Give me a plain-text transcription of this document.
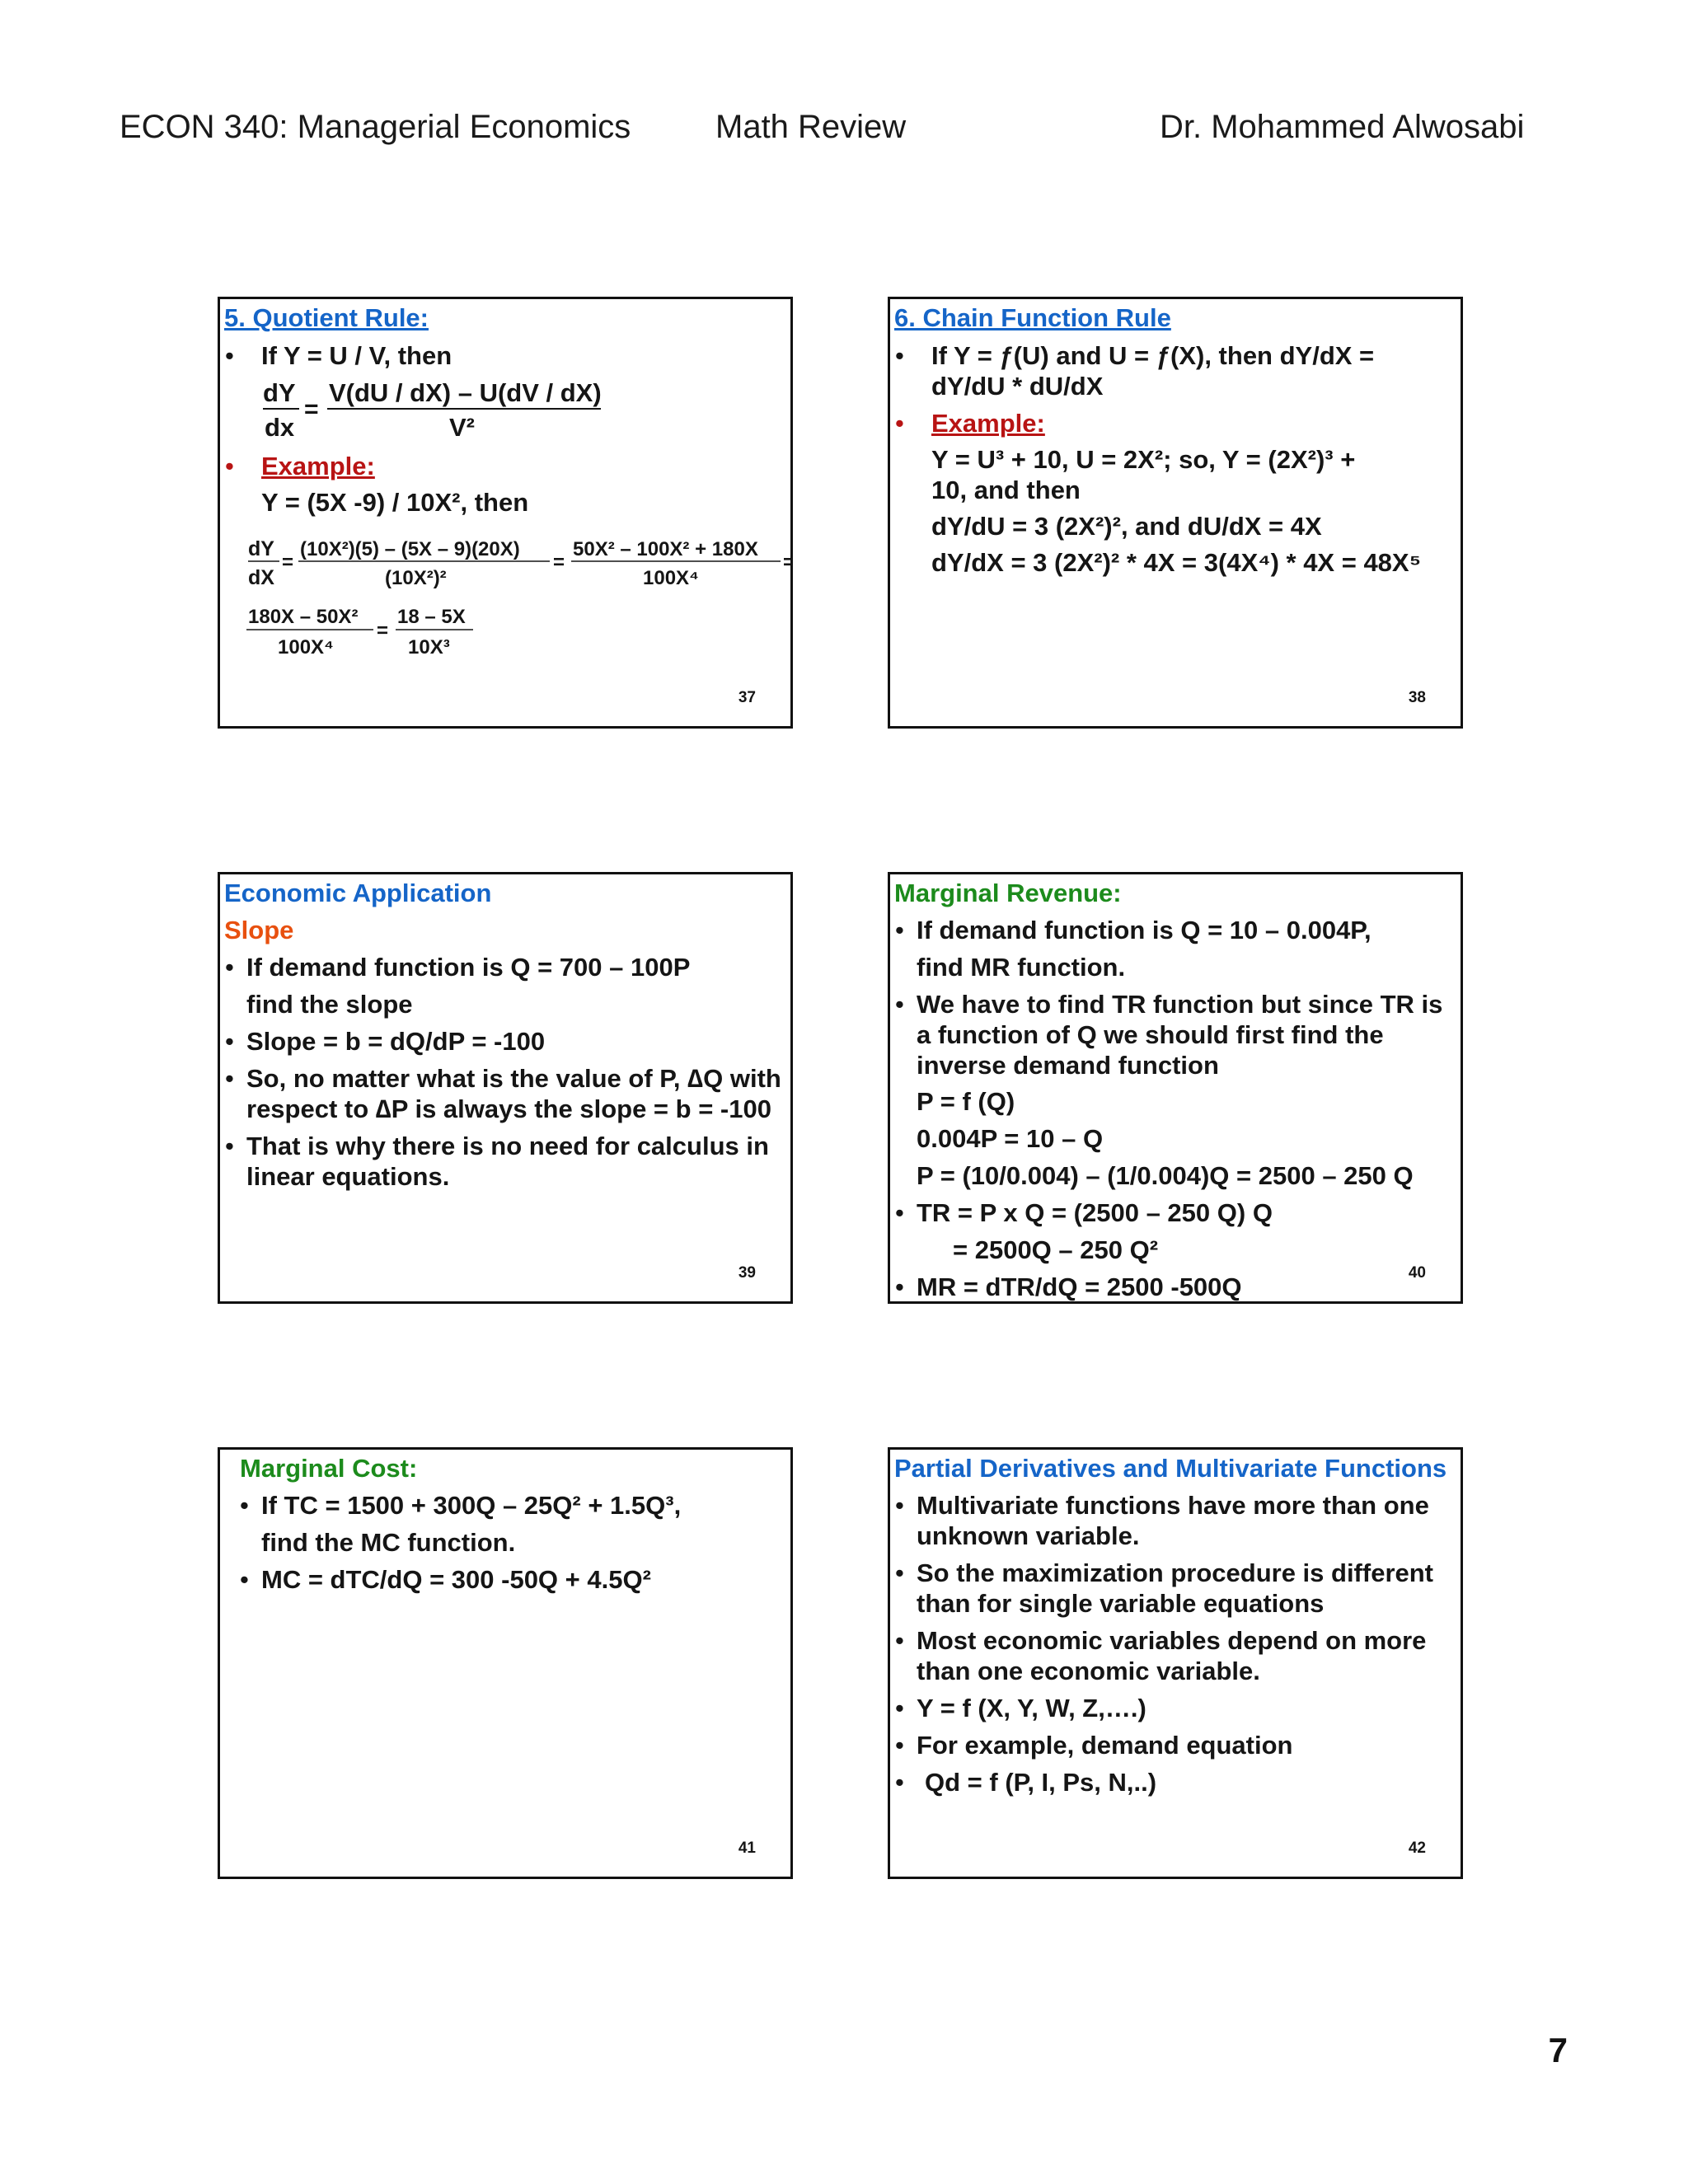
ECON 340: Managerial Economics	Math Review	Dr. Mohammed Alwosabi
5. Quotient Rule:
• If Y = U / V, then
dY
dx
=
V(dU / dX) – U(dV / dX)
V²
• Example:
Y = (5X -9) / 10X², then
dY
dX
=
(10X²)(5) – (5X – 9)(20X)
(10X²)²
=
50X² – 100X² + 180X
100X⁴
=
180X – 50X²
100X⁴
=
18 – 5X
10X³
37
6. Chain Function Rule
• If Y = ƒ(U) and U = ƒ(X), then dY/dX = dY/dU * dU/dX
• Example:
Y = U³ + 10, U = 2X²; so, Y = (2X²)³ + 10, and then
dY/dU = 3 (2X²)², and dU/dX = 4X
dY/dX = 3 (2X²)² * 4X = 3(4X⁴) * 4X = 48X⁵
38
Economic Application
Slope
• If demand function is Q = 700 – 100P
find the slope
• Slope = b = dQ/dP = -100
• So, no matter what is the value of P, ∆Q with respect to ∆P is always the slope = b = -100
• That is why there is no need for calculus in linear equations.
39
Marginal Revenue:
• If demand function is Q = 10 – 0.004P,
find MR function.
• We have to find TR function but since TR is a function of Q we should first find the inverse demand function
P = f (Q)
0.004P = 10 – Q
P = (10/0.004) – (1/0.004)Q = 2500 – 250 Q
• TR = P x Q = (2500 – 250 Q) Q
= 2500Q – 250 Q²
• MR = dTR/dQ = 2500 -500Q	40
Marginal Cost:
• If TC = 1500 + 300Q – 25Q² + 1.5Q³,
find the MC function.
• MC = dTC/dQ = 300 -50Q + 4.5Q²
41
Partial Derivatives and Multivariate Functions
• Multivariate functions have more than one unknown variable.
• So the maximization procedure is different than for single variable equations
• Most economic variables depend on more than one economic variable.
• Y = f (X, Y, W, Z,….)
• For example, demand equation
• Qd = f (P, I, Ps, N,..)
42
7
